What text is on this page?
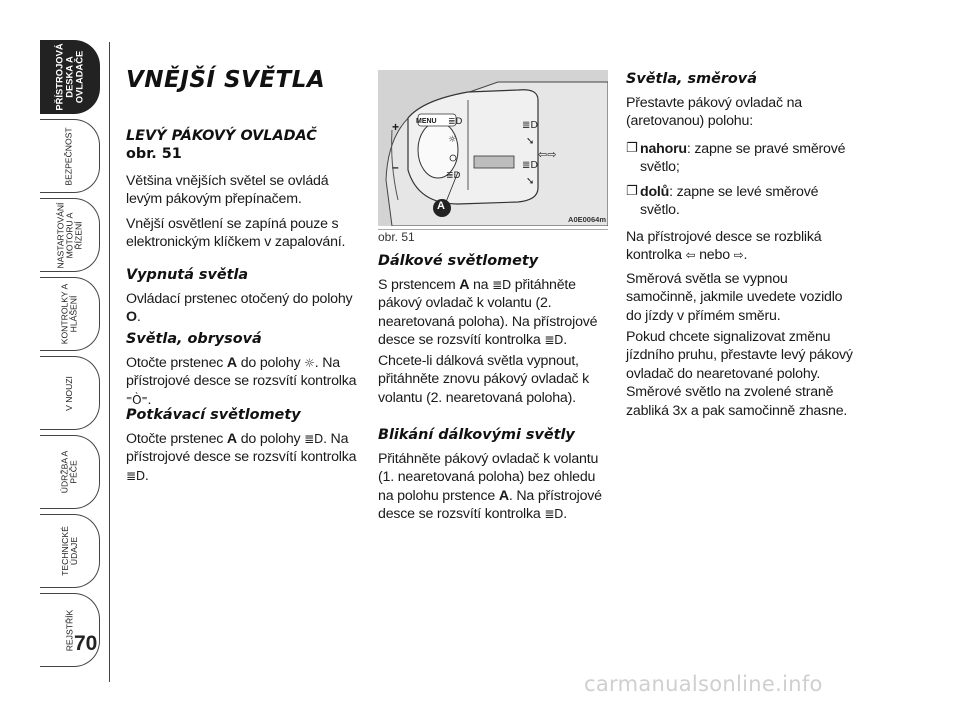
PŘÍSTROJOVÁ DESKA A OVLADAČE
BEZPEČNOST
NASTARTOVÁNÍ MOTORU A ŘÍZENÍ
KONTROLKY A HLÁŠENÍ
V NOUZI
ÚDRŽBA A PÉČE
TECHNICKÉ ÚDAJE
REJSTŘÍK 70
VNĚJŠÍ SVĚTLA
LEVÝ PÁKOVÝ OVLADAČ
obr. 51
Většina vnějších světel se ovládá levým pákovým přepínačem.
Vnější osvětlení se zapíná pouze s elektronickým klíčkem v zapalování.
Vypnutá světla
Ovládací prstenec otočený do polohy O.
Světla, obrysová
Otočte prstenec A do polohy ☼. Na přístrojové desce se rozsvítí kontrolka ⁼Ò⁼.
Potkávací světlomety
Otočte prstenec A do polohy ≣D. Na přístrojové desce se rozsvítí kontrolka ≣D.
≣D
☼
≣D
≣D
➘
⇦⇨
≣D
➘
MENU
+
–
A
A0E0064m
obr. 51
Dálkové světlomety
S prstencem A na ≣D přitáhněte pákový ovladač k volantu (2. nearetovaná poloha). Na přístrojové desce se rozsvítí kontrolka ≣D.
Chcete-li dálková světla vypnout, přitáhněte znovu pákový ovladač k volantu (2. nearetovaná poloha).
Blikání dálkovými světly
Přitáhněte pákový ovladač k volantu (1. nearetovaná poloha) bez ohledu na polohu prstence A. Na přístrojové desce se rozsvítí kontrolka ≣D.
Světla, směrová
Přestavte pákový ovladač na (aretovanou) polohu:
❐ nahoru: zapne se pravé směrové světlo;
❐ dolů: zapne se levé směrové světlo.
Na přístrojové desce se rozbliká kontrolka ⇦ nebo ⇨.
Směrová světla se vypnou samočinně, jakmile uvedete vozidlo do jízdy v přímém směru.
Pokud chcete signalizovat změnu jízdního pruhu, přestavte levý pákový ovladač do nearetované polohy. Směrové světlo na zvolené straně zabliká 3x a pak samočinně zhasne.
carmanualsonline.info
